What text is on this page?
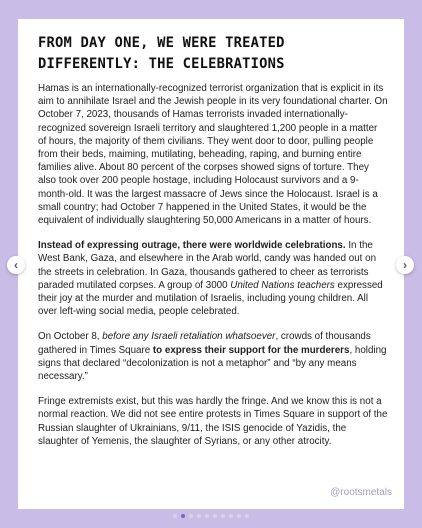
FROM DAY ONE, WE WERE TREATED DIFFERENTLY: THE CELEBRATIONS

Hamas is an internationally-recognized terrorist organization that is explicit in its aim to annihilate Israel and the Jewish people in its very foundational charter. On October 7, 2023, thousands of Hamas terrorists invaded internationally-recognized sovereign Israeli territory and slaughtered 1,200 people in a matter of hours, the majority of them civilians. They went door to door, pulling people from their beds, maiming, mutilating, beheading, raping, and burning entire families alive. About 80 percent of the corpses showed signs of torture. They also took over 200 people hostage, including Holocaust survivors and a 9-month-old. It was the largest massacre of Jews since the Holocaust. Israel is a small country; had October 7 happened in the United States, it would be the equivalent of individually slaughtering 50,000 Americans in a matter of hours.

Instead of expressing outrage, there were worldwide celebrations. In the West Bank, Gaza, and elsewhere in the Arab world, candy was handed out on the streets in celebration. In Gaza, thousands gathered to cheer as terrorists paraded mutilated corpses. A group of 3000 United Nations teachers expressed their joy at the murder and mutilation of Israelis, including young children. All over left-wing social media, people celebrated.

On October 8, before any Israeli retaliation whatsoever, crowds of thousands gathered in Times Square to express their support for the murderers, holding signs that declared “decolonization is not a metaphor” and “by any means necessary.”

Fringe extremists exist, but this was hardly the fringe. And we know this is not a normal reaction. We did not see entire protests in Times Square in support of the Russian slaughter of Ukrainians, 9/11, the ISIS genocide of Yazidis, the slaughter of Yemenis, the slaughter of Syrians, or any other atrocity.

@rootsmetals
‹	›
